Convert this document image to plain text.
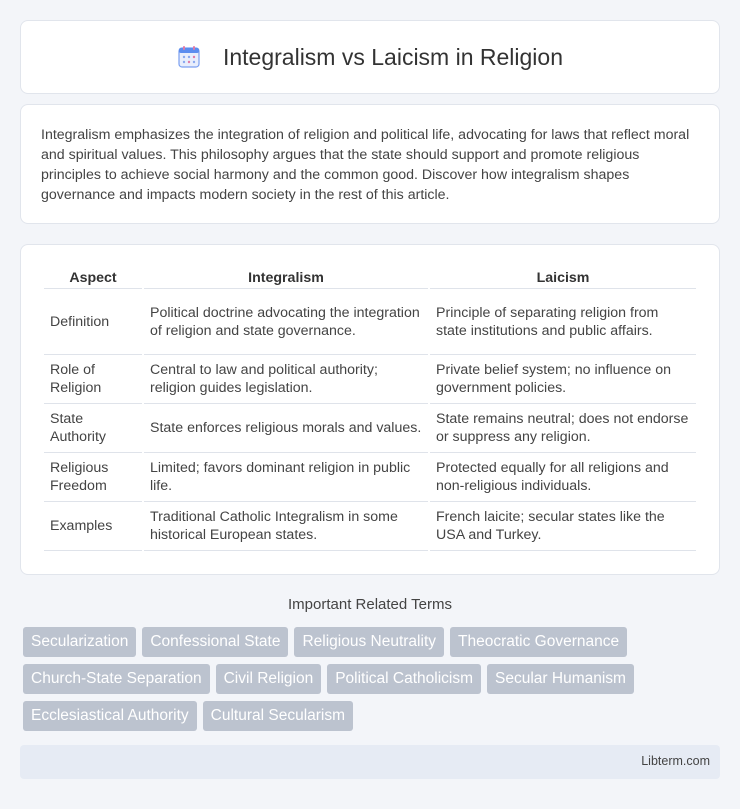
Integralism vs Laicism in Religion

Integralism emphasizes the integration of religion and political life, advocating for laws that reflect moral and spiritual values. This philosophy argues that the state should support and promote religious principles to achieve social harmony and the common good. Discover how integralism shapes governance and impacts modern society in the rest of this article.

Aspect	Integralism	Laicism
Definition	Political doctrine advocating the integration of religion and state governance.	Principle of separating religion from state institutions and public affairs.
Role of Religion	Central to law and political authority; religion guides legislation.	Private belief system; no influence on government policies.
State Authority	State enforces religious morals and values.	State remains neutral; does not endorse or suppress any religion.
Religious Freedom	Limited; favors dominant religion in public life.	Protected equally for all religions and non-religious individuals.
Examples	Traditional Catholic Integralism in some historical European states.	French laicite; secular states like the USA and Turkey.
Important Related Terms
Secularization	Confessional State	Religious Neutrality	Theocratic Governance
Church-State Separation	Civil Religion	Political Catholicism	Secular Humanism
Ecclesiastical Authority	Cultural Secularism
Libterm.com
